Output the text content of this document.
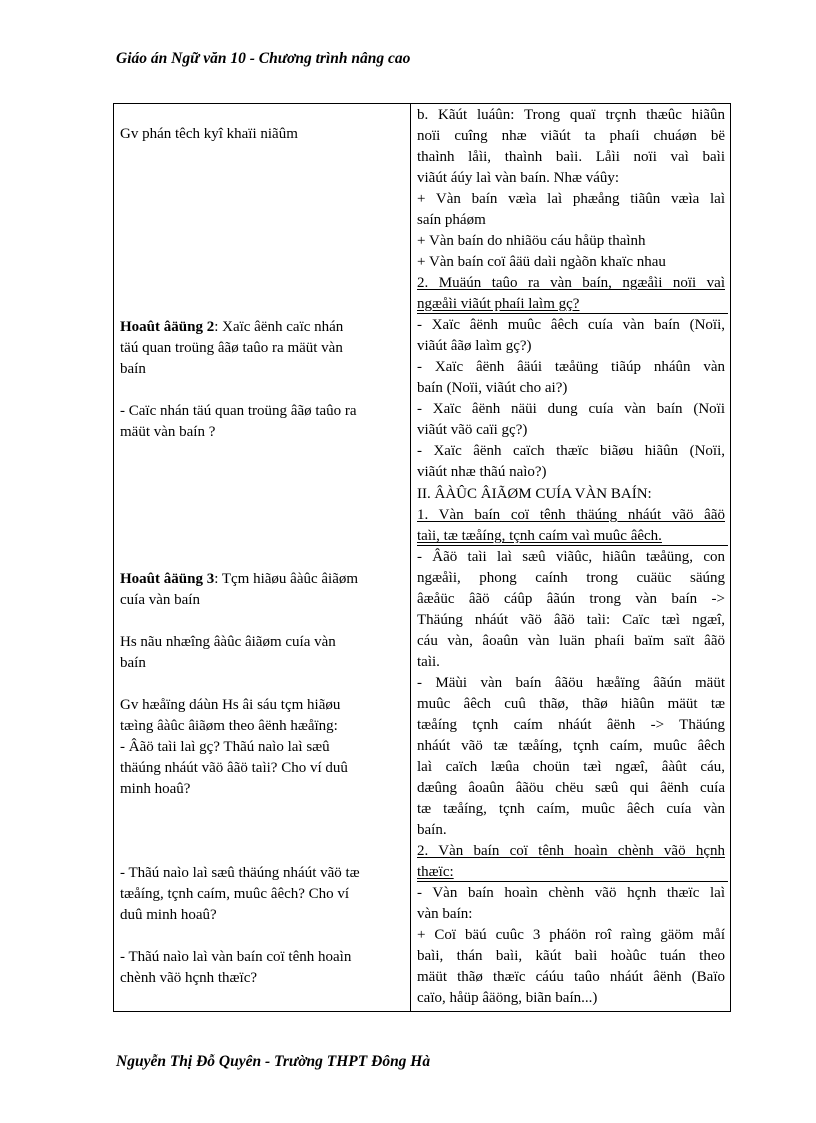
Giáo án Ngữ văn 10 - Chương trình nâng cao
Gv phán têch kyî khaïi niãûm
Hoaût âäüng 2: Xaïc âënh caïc nhán
täú quan troüng âãø taûo ra mäüt vàn
baín
- Caïc nhán täú quan troüng âãø taûo ra
mäüt vàn baín ?
Hoaût âäüng 3: Tçm hiãøu âàûc âiãøm
cuía vàn baín
Hs nãu nhæîng âàûc âiãøm cuía vàn
baín
Gv hæåïng dáùn Hs âi sáu tçm hiãøu
tæìng âàûc âiãøm theo âënh hæåïng:
- Âãö taìi laì gç? Thãú naìo laì sæû
thäúng nháút vãö âãö taìi? Cho ví duû
minh hoaû?
- Thãú naìo laì sæû thäúng nháút vãö tæ
tæåíng, tçnh caím, muûc âêch? Cho ví
duû minh hoaû?
- Thãú naìo laì vàn baín coï tênh hoaìn
chènh vãö hçnh thæïc?
b. Kãút luáûn: Trong quaï trçnh thæûc hiãûn
noïi cuîng nhæ viãút ta phaíi chuáøn bë
thaình låìi, thaình baìi. Låìi noïi vaì baìi
viãút áúy laì vàn baín. Nhæ váûy:
+ Vàn baín væìa laì phæång tiãûn væìa laì
saín pháøm
+ Vàn baín do nhiãöu cáu håüp thaình
+ Vàn baín coï âäü daìi ngàõn khaïc nhau
2. Muäún taûo ra vàn baín, ngæåìi noïi vaì
ngæåìi viãút phaíi laìm gç?
- Xaïc âënh muûc âêch cuía vàn baín (Noïi,
viãút âãø laìm gç?)
- Xaïc âënh âäúi tæåüng tiãúp nháûn vàn
baín (Noïi, viãút cho ai?)
- Xaïc âënh näüi dung cuía vàn baín (Noïi
viãút vãö caïi gç?)
- Xaïc âënh caïch thæïc biãøu hiãûn (Noïi,
viãút nhæ thãú naìo?)
II. ÂÀÛC ÂIÃØM CUÍA VÀN BAÍN:
1. Vàn baín coï tênh thäúng nháút vãö âãö
taìi, tæ tæåíng, tçnh caím vaì muûc âêch.
- Âãö taìi laì sæû viãûc, hiãûn tæåüng, con
ngæåìi, phong caính trong cuäüc säúng
âæåüc âãö cáûp âãún trong vàn baín ->
Thäúng nháút vãö âãö taìi: Caïc tæì ngæî,
cáu vàn, âoaûn vàn luän phaíi baïm saït âãö
taìi.
- Mäùi vàn baín âãöu hæåïng âãún mäüt
muûc âêch cuû thãø, thãø hiãûn mäüt tæ
tæåíng tçnh caím nháút âënh -> Thäúng
nháút vãö tæ tæåíng, tçnh caím, muûc âêch
laì caïch læûa choün tæì ngæî, âàût cáu,
dæûng âoaûn âãöu chëu sæû qui âënh cuía
tæ tæåíng, tçnh caím, muûc âêch cuía vàn
baín.
2. Vàn baín coï tênh hoaìn chènh vãö hçnh
thæïc:
- Vàn baín hoaìn chènh vãö hçnh thæïc laì
vàn baín:
+ Coï bäú cuûc 3 pháön roî raìng gäöm måí
baìi, thán baìi, kãút baìi hoàûc tuán theo
mäüt thãø thæïc cáúu taûo nháút âënh (Baïo
caïo, håüp âäöng, biãn baín...)
Nguyễn Thị Đỗ Quyên - Trường THPT Đông Hà
